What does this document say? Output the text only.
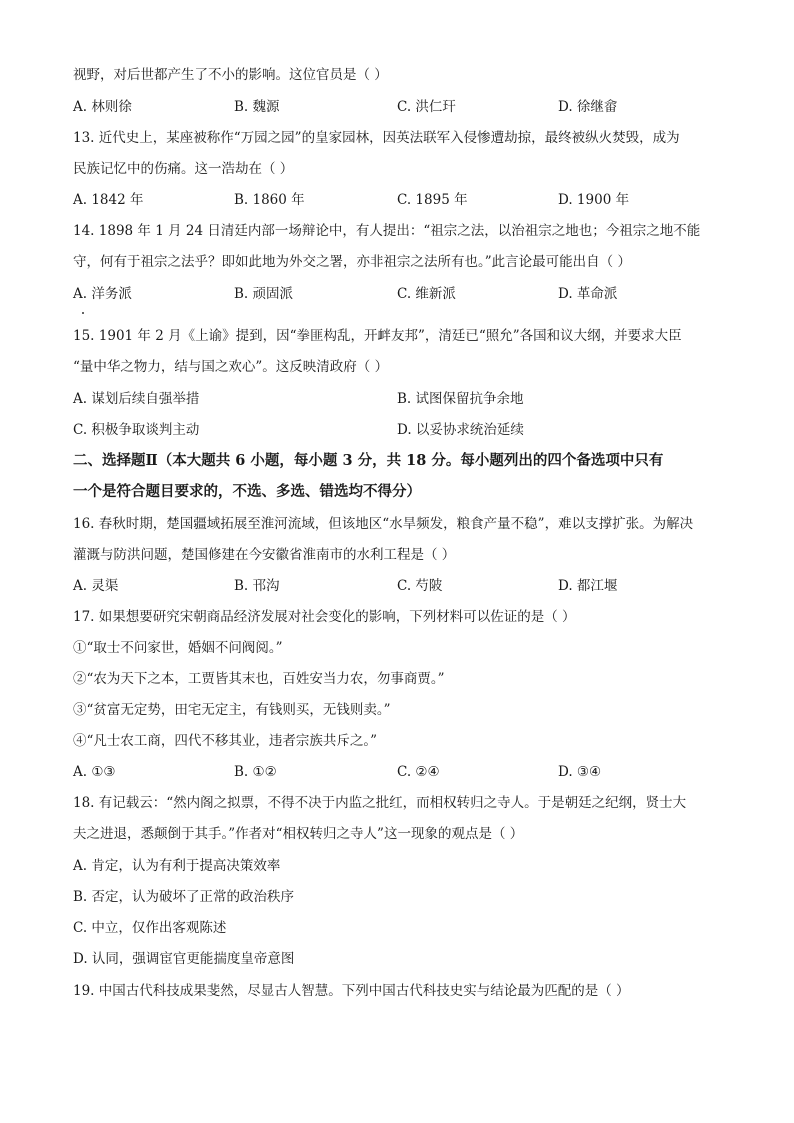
视野，对后世都产生了不小的影响。这位官员是（ ）
A. 林则徐	B. 魏源	C. 洪仁玕	D. 徐继畲
13. 近代史上，某座被称作“万园之园”的皇家园林，因英法联军入侵惨遭劫掠，最终被纵火焚毁，成为
民族记忆中的伤痛。这一浩劫在（ ）
A. 1842 年	B. 1860 年	C. 1895 年	D. 1900 年
14. 1898 年 1 月 24 日清廷内部一场辩论中，有人提出：“祖宗之法，以治祖宗之地也；今祖宗之地不能
守，何有于祖宗之法乎？即如此地为外交之署，亦非祖宗之法所有也。”此言论最可能出自（ ）
A. 洋务派	B. 顽固派	C. 维新派	D. 革命派
15. 1901 年 2 月《上谕》提到，因“拳匪构乱，开衅友邦”，清廷已“照允”各国和议大纲，并要求大臣
“量中华之物力，结与国之欢心”。这反映清政府（ ）
A. 谋划后续自强举措	B. 试图保留抗争余地
C. 积极争取谈判主动	D. 以妥协求统治延续
二、选择题Ⅱ（本大题共 6 小题，每小题 3 分，共 18 分。每小题列出的四个备选项中只有
一个是符合题目要求的，不选、多选、错选均不得分）
16. 春秋时期，楚国疆域拓展至淮河流域，但该地区“水旱频发，粮食产量不稳”，难以支撑扩张。为解决
灌溉与防洪问题，楚国修建在今安徽省淮南市的水利工程是（ ）
A. 灵渠	B. 邗沟	C. 芍陂	D. 都江堰
17. 如果想要研究宋朝商品经济发展对社会变化的影响，下列材料可以佐证的是（ ）
①“取士不问家世，婚姻不问阀阅。”
②“农为天下之本，工贾皆其末也，百姓安当力农，勿事商贾。”
③“贫富无定势，田宅无定主，有钱则买，无钱则卖。”
④“凡士农工商，四代不移其业，违者宗族共斥之。”
A. ①③	B. ①②	C. ②④	D. ③④
18. 有记载云：“然内阁之拟票，不得不决于内监之批红，而相权转归之寺人。于是朝廷之纪纲，贤士大
夫之进退，悉颠倒于其手。”作者对“相权转归之寺人”这一现象的观点是（ ）
A. 肯定，认为有利于提高决策效率
B. 否定，认为破坏了正常的政治秩序
C. 中立，仅作出客观陈述
D. 认同，强调宦官更能揣度皇帝意图
19. 中国古代科技成果斐然，尽显古人智慧。下列中国古代科技史实与结论最为匹配的是（ ）
